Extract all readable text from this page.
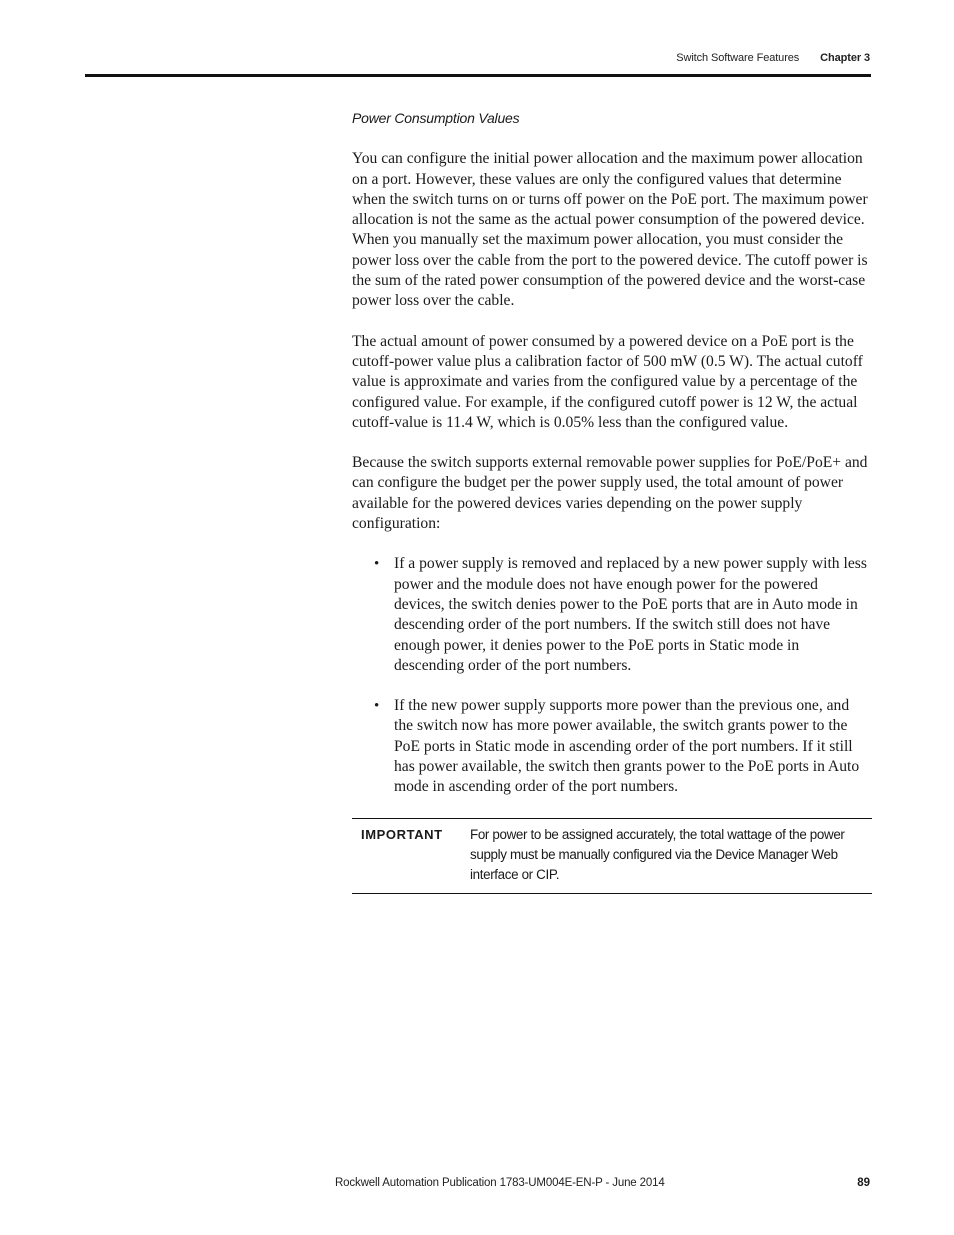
Switch Software Features Chapter 3
Power Consumption Values

You can configure the initial power allocation and the maximum power allocation on a port. However, these values are only the configured values that determine when the switch turns on or turns off power on the PoE port. The maximum power allocation is not the same as the actual power consumption of the powered device. When you manually set the maximum power allocation, you must consider the power loss over the cable from the port to the powered device. The cutoff power is the sum of the rated power consumption of the powered device and the worst-case power loss over the cable.

The actual amount of power consumed by a powered device on a PoE port is the cutoff-power value plus a calibration factor of 500 mW (0.5 W). The actual cutoff value is approximate and varies from the configured value by a percentage of the configured value. For example, if the configured cutoff power is 12 W, the actual cutoff-value is 11.4 W, which is 0.05% less than the configured value.

Because the switch supports external removable power supplies for PoE/PoE+ and can configure the budget per the power supply used, the total amount of power available for the powered devices varies depending on the power supply configuration:

• If a power supply is removed and replaced by a new power supply with less power and the module does not have enough power for the powered devices, the switch denies power to the PoE ports that are in Auto mode in descending order of the port numbers. If the switch still does not have enough power, it denies power to the PoE ports in Static mode in descending order of the port numbers.
• If the new power supply supports more power than the previous one, and the switch now has more power available, the switch grants power to the PoE ports in Static mode in ascending order of the port numbers. If it still has power available, the switch then grants power to the PoE ports in Auto mode in ascending order of the port numbers.
IMPORTANT	For power to be assigned accurately, the total wattage of the power supply must be manually configured via the Device Manager Web interface or CIP.
Rockwell Automation Publication 1783-UM004E-EN-P - June 2014	89
